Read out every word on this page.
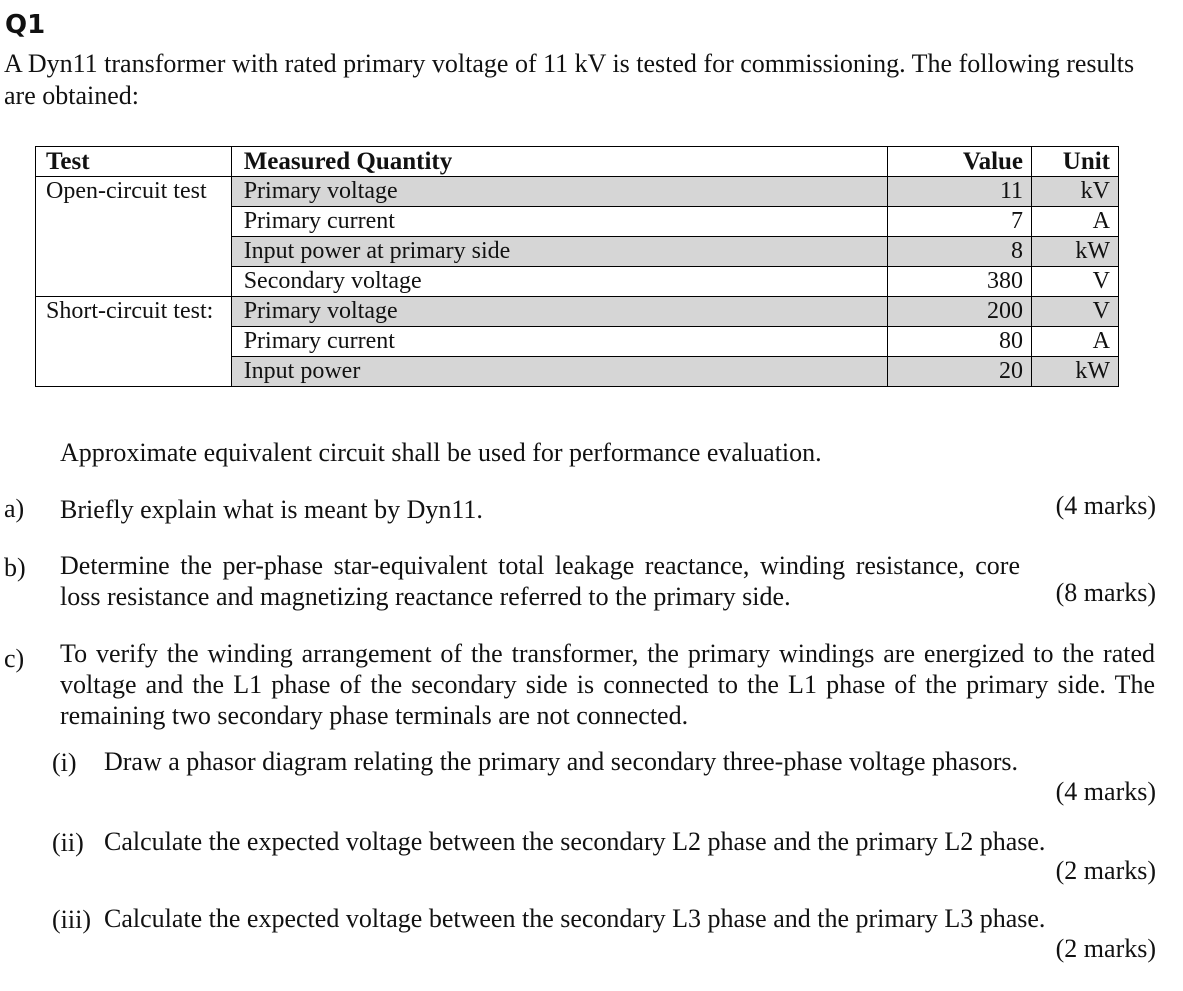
Q1

A Dyn11 transformer with rated primary voltage of 11 kV is tested for commissioning. The following results are obtained:

Test	Measured Quantity	Value	Unit
Open-circuit test	Primary voltage	11	kV
	Primary current	7	A
	Input power at primary side	8	kW
	Secondary voltage	380	V
Short-circuit test:	Primary voltage	200	V
	Primary current	80	A
	Input power	20	kW

Approximate equivalent circuit shall be used for performance evaluation.

a) Briefly explain what is meant by Dyn11.	(4 marks)
b) Determine the per-phase star-equivalent total leakage reactance, winding resistance, core loss resistance and magnetizing reactance referred to the primary side.	(8 marks)
c) To verify the winding arrangement of the transformer, the primary windings are energized to the rated voltage and the L1 phase of the secondary side is connected to the L1 phase of the primary side. The remaining two secondary phase terminals are not connected.

(i) Draw a phasor diagram relating the primary and secondary three-phase voltage phasors.
(4 marks)
(ii) Calculate the expected voltage between the secondary L2 phase and the primary L2 phase.
(2 marks)
(iii) Calculate the expected voltage between the secondary L3 phase and the primary L3 phase.
(2 marks)
